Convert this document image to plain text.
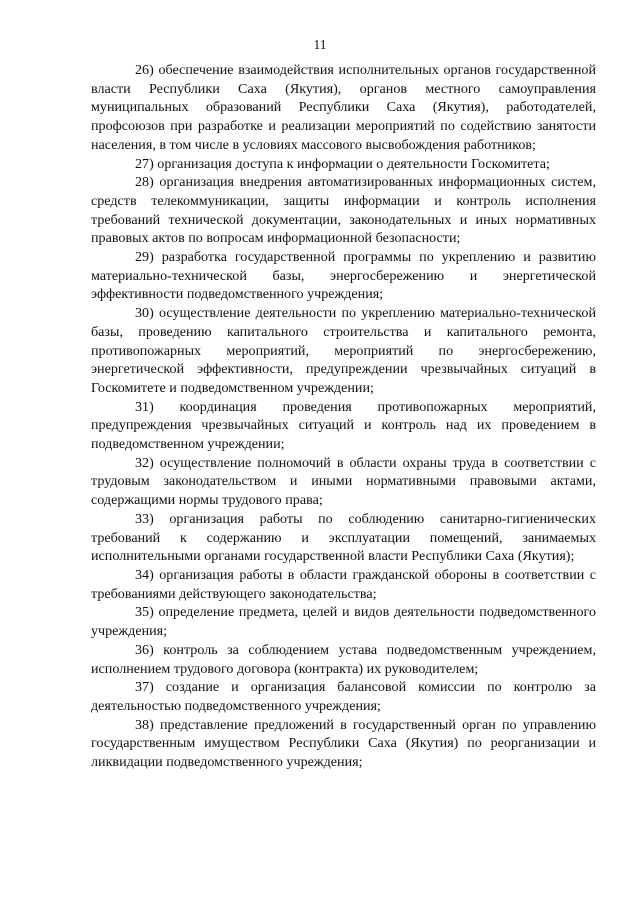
11

26) обеспечение взаимодействия исполнительных органов государственной власти Республики Саха (Якутия), органов местного самоуправления муниципальных образований Республики Саха (Якутия), работодателей, профсоюзов при разработке и реализации мероприятий по содействию занятости населения, в том числе в условиях массового высвобождения работников;

27) организация доступа к информации о деятельности Госкомитета;

28) организация внедрения автоматизированных информационных систем, средств телекоммуникации, защиты информации и контроль исполнения требований технической документации, законодательных и иных нормативных правовых актов по вопросам информационной безопасности;

29) разработка государственной программы по укреплению и развитию материально-технической базы, энергосбережению и энергетической эффективности подведомственного учреждения;

30) осуществление деятельности по укреплению материально-технической базы, проведению капитального строительства и капитального ремонта, противопожарных мероприятий, мероприятий по энергосбережению, энергетической эффективности, предупреждении чрезвычайных ситуаций в Госкомитете и подведомственном учреждении;

31) координация проведения противопожарных мероприятий, предупреждения чрезвычайных ситуаций и контроль над их проведением в подведомственном учреждении;

32) осуществление полномочий в области охраны труда в соответствии с трудовым законодательством и иными нормативными правовыми актами, содержащими нормы трудового права;

33) организация работы по соблюдению санитарно-гигиенических требований к содержанию и эксплуатации помещений, занимаемых исполнительными органами государственной власти Республики Саха (Якутия);

34) организация работы в области гражданской обороны в соответствии с требованиями действующего законодательства;

35) определение предмета, целей и видов деятельности подведомственного учреждения;

36) контроль за соблюдением устава подведомственным учреждением, исполнением трудового договора (контракта) их руководителем;

37) создание и организация балансовой комиссии по контролю за деятельностью подведомственного учреждения;

38) представление предложений в государственный орган по управлению государственным имуществом Республики Саха (Якутия) по реорганизации и ликвидации подведомственного учреждения;
